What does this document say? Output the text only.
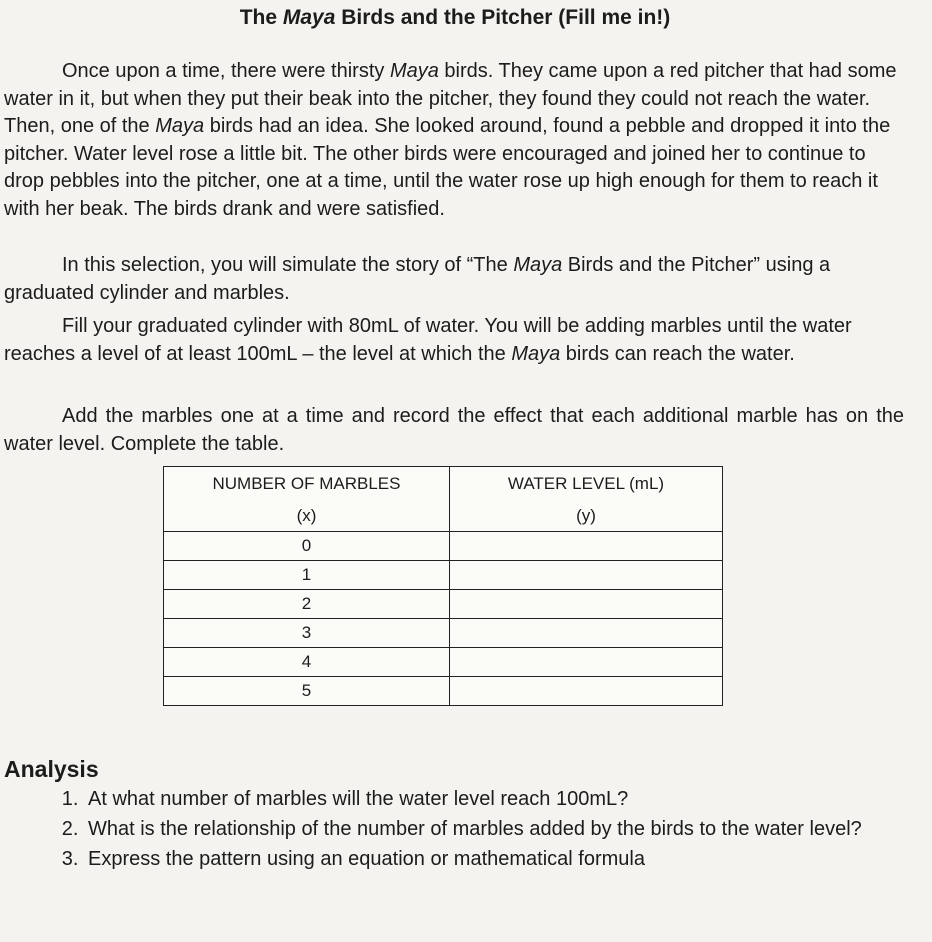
The Maya Birds and the Pitcher (Fill me in!)
Once upon a time, there were thirsty Maya birds. They came upon a red pitcher that had some water in it, but when they put their beak into the pitcher, they found they could not reach the water. Then, one of the Maya birds had an idea. She looked around, found a pebble and dropped it into the pitcher. Water level rose a little bit. The other birds were encouraged and joined her to continue to drop pebbles into the pitcher, one at a time, until the water rose up high enough for them to reach it with her beak. The birds drank and were satisfied.
In this selection, you will simulate the story of “The Maya Birds and the Pitcher” using a graduated cylinder and marbles.
Fill your graduated cylinder with 80mL of water. You will be adding marbles until the water reaches a level of at least 100mL – the level at which the Maya birds can reach the water.
Add the marbles one at a time and record the effect that each additional marble has on the water level. Complete the table.
NUMBER OF MARBLES	WATER LEVEL (mL)
(x)	(y)
0	
1	
2	
3	
4	
5	
Analysis
1. At what number of marbles will the water level reach 100mL?
2. What is the relationship of the number of marbles added by the birds to the water level?
3. Express the pattern using an equation or mathematical formula
